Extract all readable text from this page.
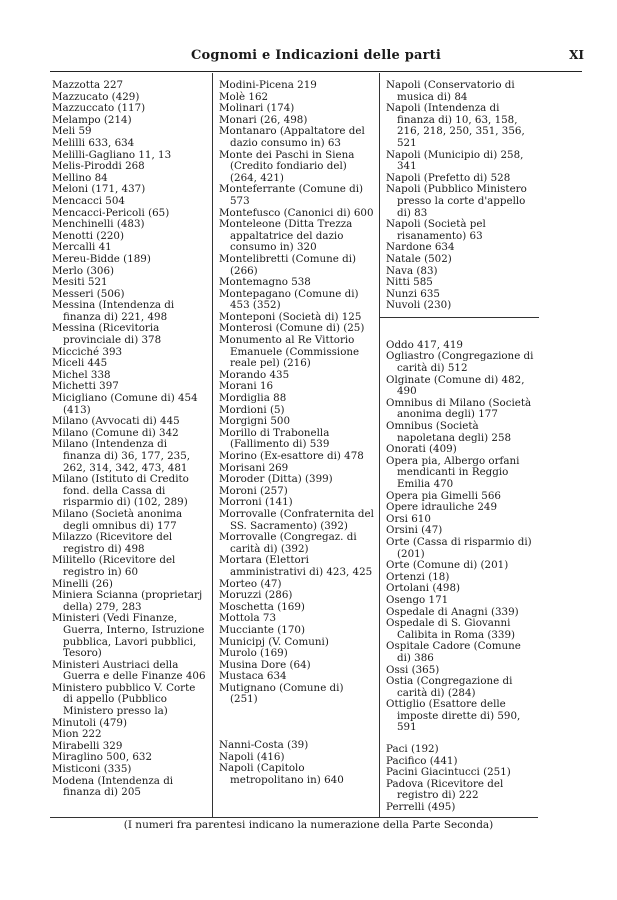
Cognomi e Indicazioni delle parti	XI
Mazzotta 227
Mazzucato (429)
Mazzuccato (117)
Melampo (214)
Meli 59
Melilli 633, 634
Melilli-Gagliano 11, 13
Melis-Piroddi 268
Mellino 84
Meloni (171, 437)
Mencacci 504
Mencacci-Pericoli (65)
Menchinelli (483)
Menotti (220)
Mercalli 41
Mereu-Bidde (189)
Merlo (306)
Mesiti 521
Messeri (506)
Messina (Intendenza di finanza di) 221, 498
Messina (Ricevitoria provinciale di) 378
Micciché 393
Miceli 445
Michel 338
Michetti 397
Micigliano (Comune di) 454 (413)
Milano (Avvocati di) 445
Milano (Comune di) 342
Milano (Intendenza di finanza di) 36, 177, 235, 262, 314, 342, 473, 481
Milano (Istituto di Credito fond. della Cassa di risparmio di) (102, 289)
Milano (Società anonima degli omnibus di) 177
Milazzo (Ricevitore del registro di) 498
Militello (Ricevitore del registro in) 60
Minelli (26)
Miniera Scianna (proprietarj della) 279, 283
Ministeri (Vedi Finanze, Guerra, Interno, Istruzione pubblica, Lavori pubblici, Tesoro)
Ministeri Austriaci della Guerra e delle Finanze 406
Ministero pubblico V. Corte di appello (Pubblico Ministero presso la)
Minutoli (479)
Mion 222
Mirabelli 329
Miraglino 500, 632
Misticoni (335)
Modena (Intendenza di finanza di) 205
Modini-Picena 219
Molè 162
Molinari (174)
Monari (26, 498)
Montanaro (Appaltatore del dazio consumo in) 63
Monte dei Paschi in Siena (Credito fondiario del) (264, 421)
Monteferrante (Comune di) 573
Montefusco (Canonici di) 600
Monteleone (Ditta Trezza appaltatrice del dazio consumo in) 320
Montelibretti (Comune di) (266)
Montemagno 538
Montepagano (Comune di) 453 (352)
Monteponi (Società di) 125
Monterosi (Comune di) (25)
Monumento al Re Vittorio Emanuele (Commissione reale pel) (216)
Morando 435
Morani 16
Mordiglia 88
Mordioni (5)
Morgigni 500
Morillo di Trabonella (Fallimento di) 539
Morino (Ex-esattore di) 478
Morisani 269
Moroder (Ditta) (399)
Moroni (257)
Morroni (141)
Morrovalle (Confraternita del SS. Sacramento) (392)
Morrovalle (Congregaz. di carità di) (392)
Mortara (Elettori amministrativi di) 423, 425
Morteo (47)
Moruzzi (286)
Moschetta (169)
Mottola 73
Mucciante (170)
Municipj (V. Comuni)
Murolo (169)
Musina Dore (64)
Mustaca 634
Mutignano (Comune di) (251)
Nanni-Costa (39)
Napoli (416)
Napoli (Capitolo metropolitano in) 640
Napoli (Conservatorio di musica di) 84
Napoli (Intendenza di finanza di) 10, 63, 158, 216, 218, 250, 351, 356, 521
Napoli (Municipio di) 258, 341
Napoli (Prefetto di) 528
Napoli (Pubblico Ministero presso la corte d'appello di) 83
Napoli (Società pel risanamento) 63
Nardone 634
Natale (502)
Nava (83)
Nitti 585
Nunzi 635
Nuvoli (230)
Oddo 417, 419
Ogliastro (Congregazione di carità di) 512
Olginate (Comune di) 482, 490
Omnibus di Milano (Società anonima degli) 177
Omnibus (Società napoletana degli) 258
Onorati (409)
Opera pia, Albergo orfani mendicanti in Reggio Emilia 470
Opera pia Gimelli 566
Opere idrauliche 249
Orsi 610
Orsini (47)
Orte (Cassa di risparmio di) (201)
Orte (Comune di) (201)
Ortenzi (18)
Ortolani (498)
Osengo 171
Ospedale di Anagni (339)
Ospedale di S. Giovanni Calibita in Roma (339)
Ospitale Cadore (Comune di) 386
Ossi (365)
Ostia (Congregazione di carità di) (284)
Ottiglio (Esattore delle imposte dirette di) 590, 591
Paci (192)
Pacifico (441)
Pacini Giacintucci (251)
Padova (Ricevitore del registro di) 222
Perrelli (495)
(I numeri fra parentesi indicano la numerazione della Parte Seconda)
